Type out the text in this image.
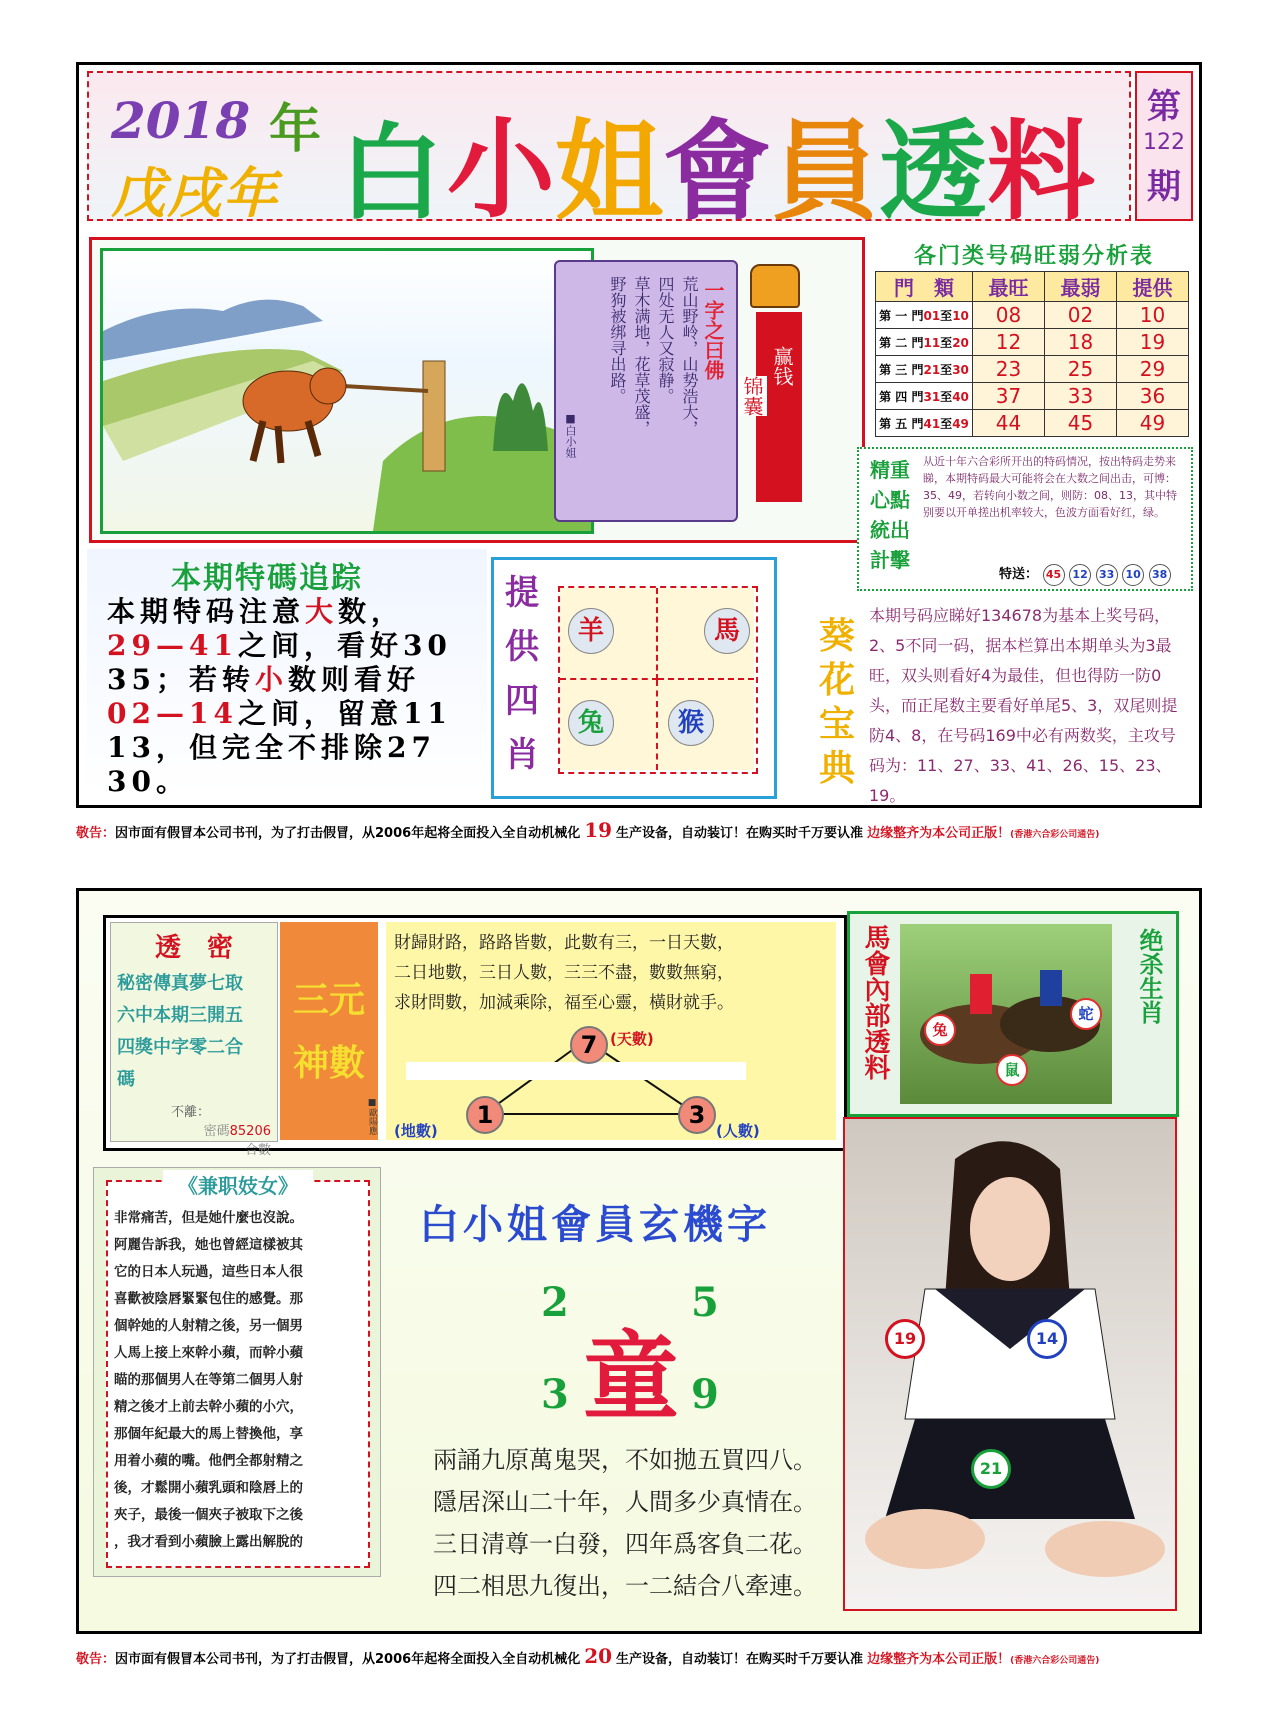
2018 年
戊戌年 白 小 姐 會 員 透 料
第
122
期
一字之曰佛
荒山野岭，山势浩大，
四处无人又寂静。
草木满地，花草茂盛，
野狗被绑寻出路。
■白小姐
赢钱
锦囊
各门类号码旺弱分析表
門　類	最旺	最弱	提供
第 一 門01至10	08	02	10
第 二 門11至20	12	18	19
第 三 門21至30	23	25	29
第 四 門31至40	37	33	36
第 五 門41至49	44	45	49
精重
心點
統出
計擊
从近十年六合彩所开出的特码情况，按出特码走势来睇，本期特码最大可能将会在大数之间出击，可博：35、49，若转向小数之间，则防：08、13，其中特别要以开单搓出机率较大，色波方面看好红，绿。
特送： 45 12 33 10 38
本期特碼追踪
本期特码注意大数，
29—41之间，看好30
35；若转小数则看好
02—14之间，留意11
13，但完全不排除27
30。
提
供
四
肖
羊	馬
兔	猴
葵
花
宝
典
本期号码应睇好134678为基本上奖号码，2、5不同一码，据本栏算出本期单头为3最旺，双头则看好4为最佳，但也得防一防0头，而正尾数主要看好单尾5、3，双尾则提防4、8，在号码169中必有两数奖，主攻号码为：11、27、33、41、26、15、23、19。
敬告：因市面有假冒本公司书刊，为了打击假冒，从2006年起将全面投入全自动机械化 19 生产设备，自动装订！在购买时千万要认准 边缘整齐为本公司正版！(香港六合彩公司通告)
透　密
秘密傳真夢七取
六中本期三開五
四獎中字零二合
碼
不離：
密碼85206
合數
三元
神數
■歐陽應
財歸財路，路路皆數，此數有三，一日天數，
二日地數，三日人數，三三不盡，數數無窮，
求財問數，加減乘除，福至心靈，橫財就手。
7 (天數)
1
(地數)
3
(人數)
馬會內部透料	兔
蛇
鼠
绝杀生肖
《兼职妓女》
非常痛苦，但是她什麼也沒說。
阿麗告訴我，她也曾經這樣被其
它的日本人玩過，這些日本人很
喜歡被陰唇緊緊包住的感覺。那
個幹她的人射精之後，另一個男
人馬上接上來幹小蘋，而幹小蘋
瞄的那個男人在等第二個男人射
精之後才上前去幹小蘋的小穴，
那個年紀最大的馬上替換他，享
用着小蘋的嘴。他們全都射精之
後，才鬆開小蘋乳頭和陰唇上的
夾子，最後一個夾子被取下之後
，我才看到小蘋臉上露出解脫的
白小姐會員玄機字
2	5
童
3	9
兩誦九原萬鬼哭，不如拋五買四八。
隱居深山二十年，人間多少真情在。
三日清尊一白發，四年爲客負二花。
四二相思九復出，一二結合八牽連。
19	14
21
敬告：因市面有假冒本公司书刊，为了打击假冒，从2006年起将全面投入全自动机械化 20 生产设备，自动装订！在购买时千万要认准 边缘整齐为本公司正版！(香港六合彩公司通告)
